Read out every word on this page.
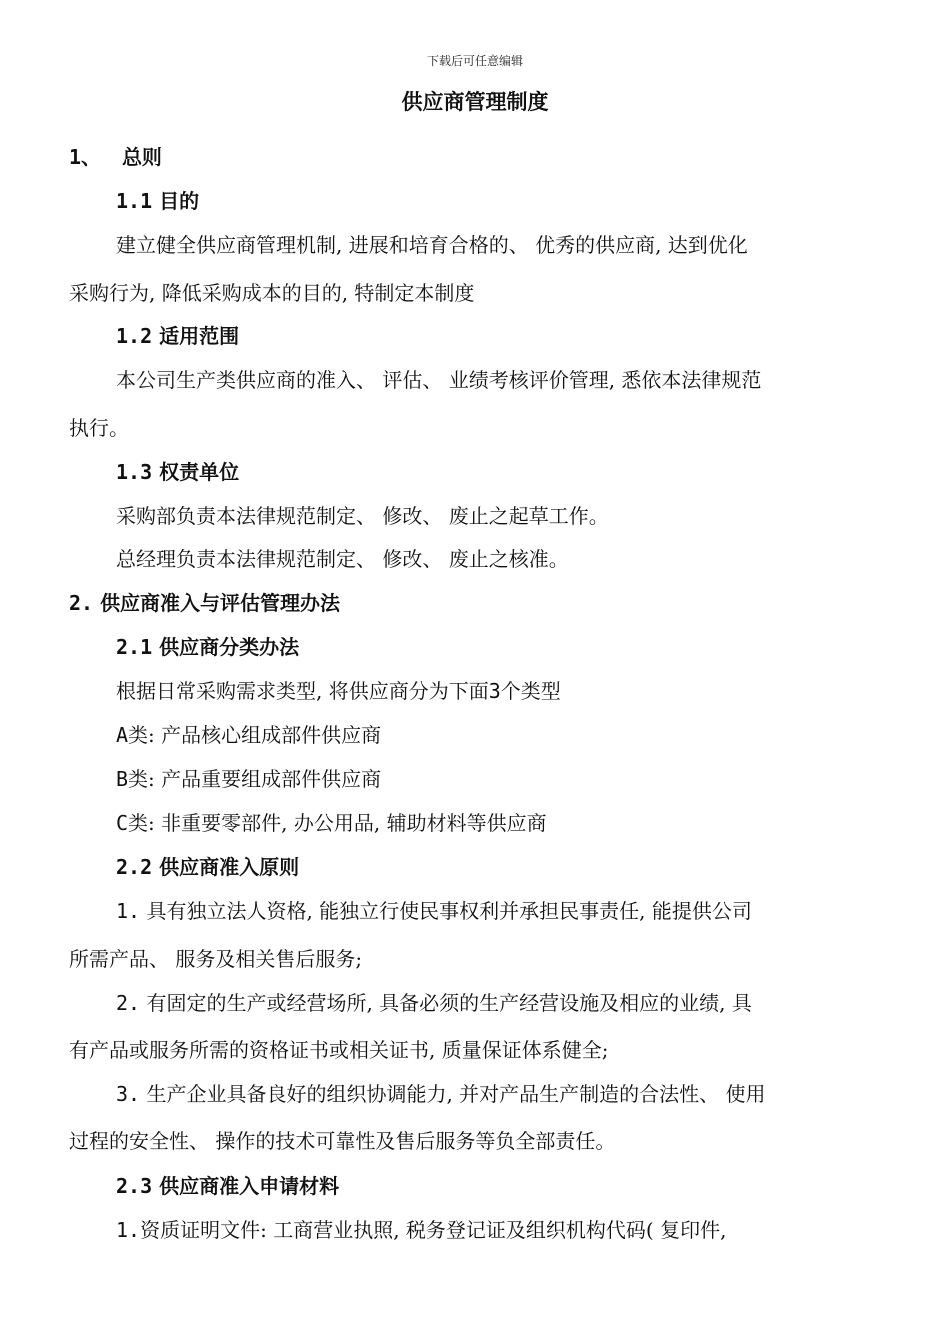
下载后可任意编辑
供应商管理制度
1、 总则
1.1 目的
建立健全供应商管理机制, 进展和培育合格的、 优秀的供应商, 达到优化
采购行为, 降低采购成本的目的, 特制定本制度
1.2 适用范围
本公司生产类供应商的准入、 评估、 业绩考核评价管理, 悉依本法律规范
执行。
1.3 权责单位
采购部负责本法律规范制定、 修改、 废止之起草工作。
总经理负责本法律规范制定、 修改、 废止之核准。
2. 供应商准入与评估管理办法
2.1 供应商分类办法
根据日常采购需求类型, 将供应商分为下面3个类型
A类: 产品核心组成部件供应商
B类: 产品重要组成部件供应商
C类: 非重要零部件, 办公用品, 辅助材料等供应商
2.2 供应商准入原则
1. 具有独立法人资格, 能独立行使民事权利并承担民事责任, 能提供公司
所需产品、 服务及相关售后服务;
2. 有固定的生产或经营场所, 具备必须的生产经营设施及相应的业绩, 具
有产品或服务所需的资格证书或相关证书, 质量保证体系健全;
3. 生产企业具备良好的组织协调能力, 并对产品生产制造的合法性、 使用
过程的安全性、 操作的技术可靠性及售后服务等负全部责任。
2.3 供应商准入申请材料
1.资质证明文件: 工商营业执照, 税务登记证及组织机构代码( 复印件,
